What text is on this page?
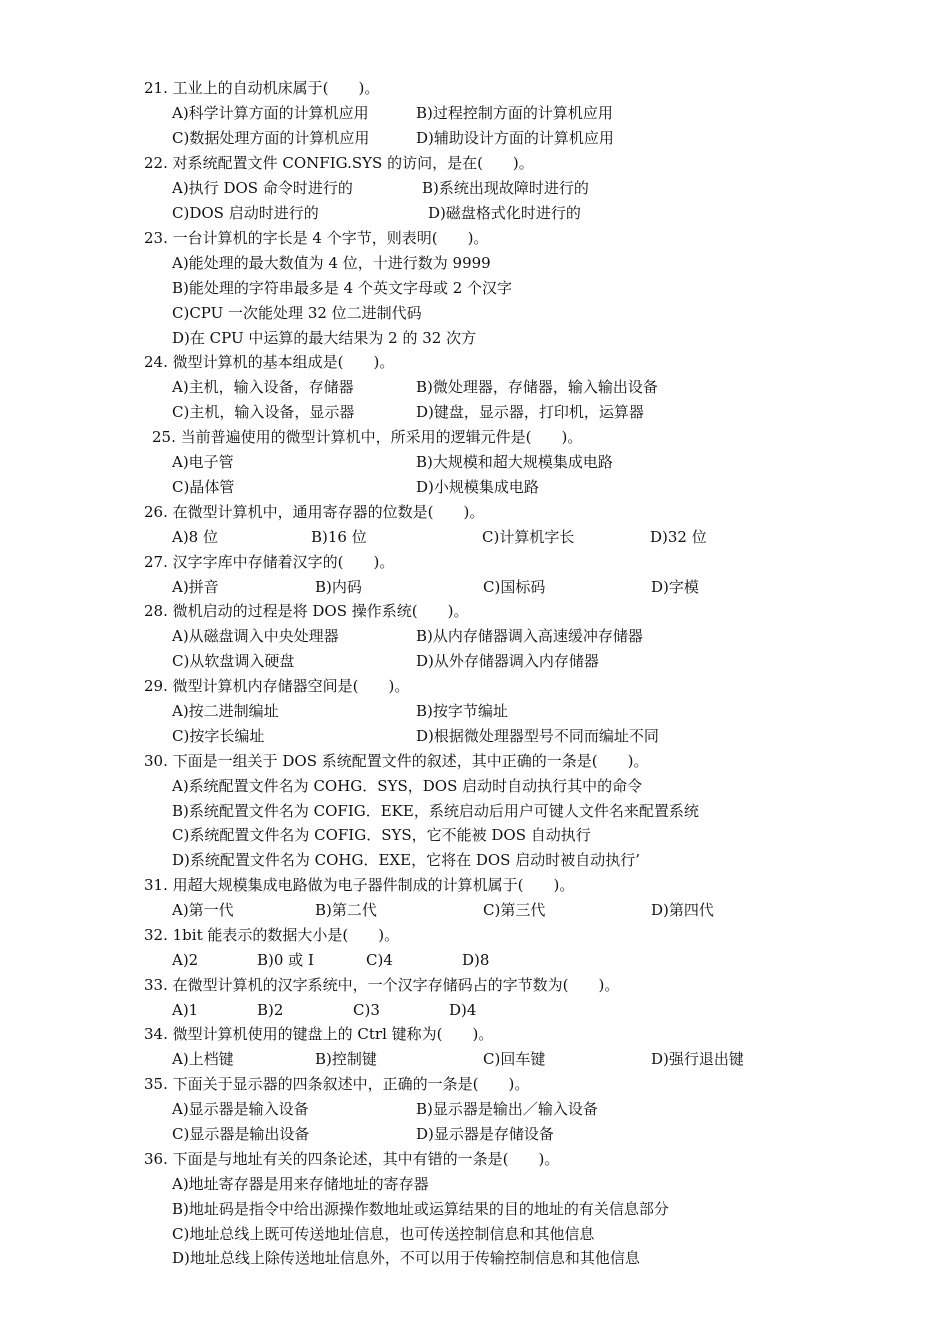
21. 工业上的自动机床属于(　　)。
A)科学计算方面的计算机应用	B)过程控制方面的计算机应用
C)数据处理方面的计算机应用	D)辅助设计方面的计算机应用
22. 对系统配置文件 CONFIG.SYS 的访问，是在(　　)。
A)执行 DOS 命令时进行的	B)系统出现故障时进行的
C)DOS 启动时进行的	D)磁盘格式化时进行的
23. 一台计算机的字长是 4 个字节，则表明(　　)。
A)能处理的最大数值为 4 位，十进行数为 9999
B)能处理的字符串最多是 4 个英文字母或 2 个汉字
C)CPU 一次能处理 32 位二进制代码
D)在 CPU 中运算的最大结果为 2 的 32 次方
24. 微型计算机的基本组成是(　　)。
A)主机，输入设备，存储器	B)微处理器，存储器，输入输出设备
C)主机，输入设备，显示器	D)键盘，显示器，打印机，运算器
25. 当前普遍使用的微型计算机中，所采用的逻辑元件是(　　)。
A)电子管	B)大规模和超大规模集成电路
C)晶体管	D)小规模集成电路
26. 在微型计算机中，通用寄存器的位数是(　　)。
A)8 位	B)16 位	C)计算机字长	D)32 位
27. 汉字字库中存储着汉字的(　　)。
A)拼音	B)内码	C)国标码	D)字模
28. 微机启动的过程是将 DOS 操作系统(　　)。
A)从磁盘调入中央处理器	B)从内存储器调入高速缓冲存储器
C)从软盘调入硬盘	D)从外存储器调入内存储器
29. 微型计算机内存储器空间是(　　)。
A)按二进制编址	B)按字节编址
C)按字长编址	D)根据微处理器型号不同而编址不同
30. 下面是一组关于 DOS 系统配置文件的叙述，其中正确的一条是(　　)。
A)系统配置文件名为 COHG．SYS，DOS 启动时自动执行其中的命令
B)系统配置文件名为 COFIG．EKE，系统启动后用户可键人文件名来配置系统
C)系统配置文件名为 COFIG．SYS，它不能被 DOS 自动执行
D)系统配置文件名为 COHG．EXE，它将在 DOS 启动时被自动执行’
31. 用超大规模集成电路做为电子器件制成的计算机属于(　　)。
A)第一代	B)第二代	C)第三代	D)第四代
32. 1bit 能表示的数据大小是(　　)。
A)2	B)0 或 I	C)4	D)8
33. 在微型计算机的汉字系统中，一个汉字存储码占的字节数为(　　)。
A)1	B)2	C)3	D)4
34. 微型计算机使用的键盘上的 Ctrl 键称为(　　)。
A)上档键	B)控制键	C)回车键	D)强行退出键
35. 下面关于显示器的四条叙述中，正确的一条是(　　)。
A)显示器是输入设备	B)显示器是输出／输入设备
C)显示器是输出设备	D)显示器是存储设备
36. 下面是与地址有关的四条论述，其中有错的一条是(　　)。
A)地址寄存器是用来存储地址的寄存器
B)地址码是指令中给出源操作数地址或运算结果的目的地址的有关信息部分
C)地址总线上既可传送地址信息，也可传送控制信息和其他信息
D)地址总线上除传送地址信息外，不可以用于传输控制信息和其他信息
